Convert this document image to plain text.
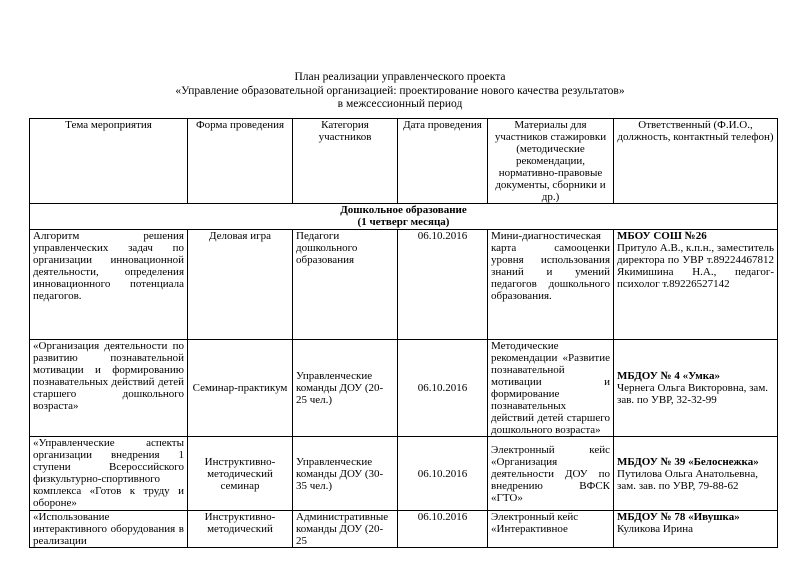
План реализации управленческого проекта
«Управление образовательной организацией: проектирование нового качества результатов»
в межсессионный период
Тема мероприятия	Форма проведения	Категория участников	Дата проведения	Материалы для участников стажировки (методические рекомендации, нормативно-правовые документы, сборники и др.)	Ответственный (Ф.И.О., должность, контактный телефон)

Дошкольное образование
(1 четверг месяца)					

Алгоритм решения управленческих задач по организации инновационной деятельности, определения инновационного потенциала педагогов.	Деловая игра	Педагоги дошкольного образования	06.10.2016	Мини-диагностическая карта самооценки уровня использования знаний и умений педагогов дошкольного образования.	МБОУ СОШ №26
Притуло А.В., к.п.н., заместитель директора по УВР т.89224467812 Якимишина Н.А., педагог-психолог т.89226527142

«Организация деятельности по развитию познавательной мотивации и формированию познавательных действий детей старшего дошкольного возраста»	Семинар-практикум	Управленческие команды ДОУ (20-25 чел.)	06.10.2016	Методические рекомендации «Развитие познавательной мотивации и формирование познавательных действий детей старшего дошкольного возраста»	МБДОУ № 4 «Умка»
Чернега Ольга Викторовна, зам. зав. по УВР, 32-32-99

«Управленческие аспекты организации внедрения 1 ступени Всероссийского физкультурно-спортивного комплекса «Готов к труду и обороне»	Инструктивно-методический семинар	Управленческие команды ДОУ (30-35 чел.)	06.10.2016	Электронный кейс «Организация деятельности ДОУ по внедрению ВФСК «ГТО»	МБДОУ № 39 «Белоснежка»
Путилова Ольга Анатольевна, зам. зав. по УВР, 79-88-62

«Использование интерактивного оборудования в реализации	Инструктивно-методический	Административные команды ДОУ (20-25	06.10.2016	Электронный кейс «Интерактивное	МБДОУ № 78 «Ивушка»
Куликова Ирина
